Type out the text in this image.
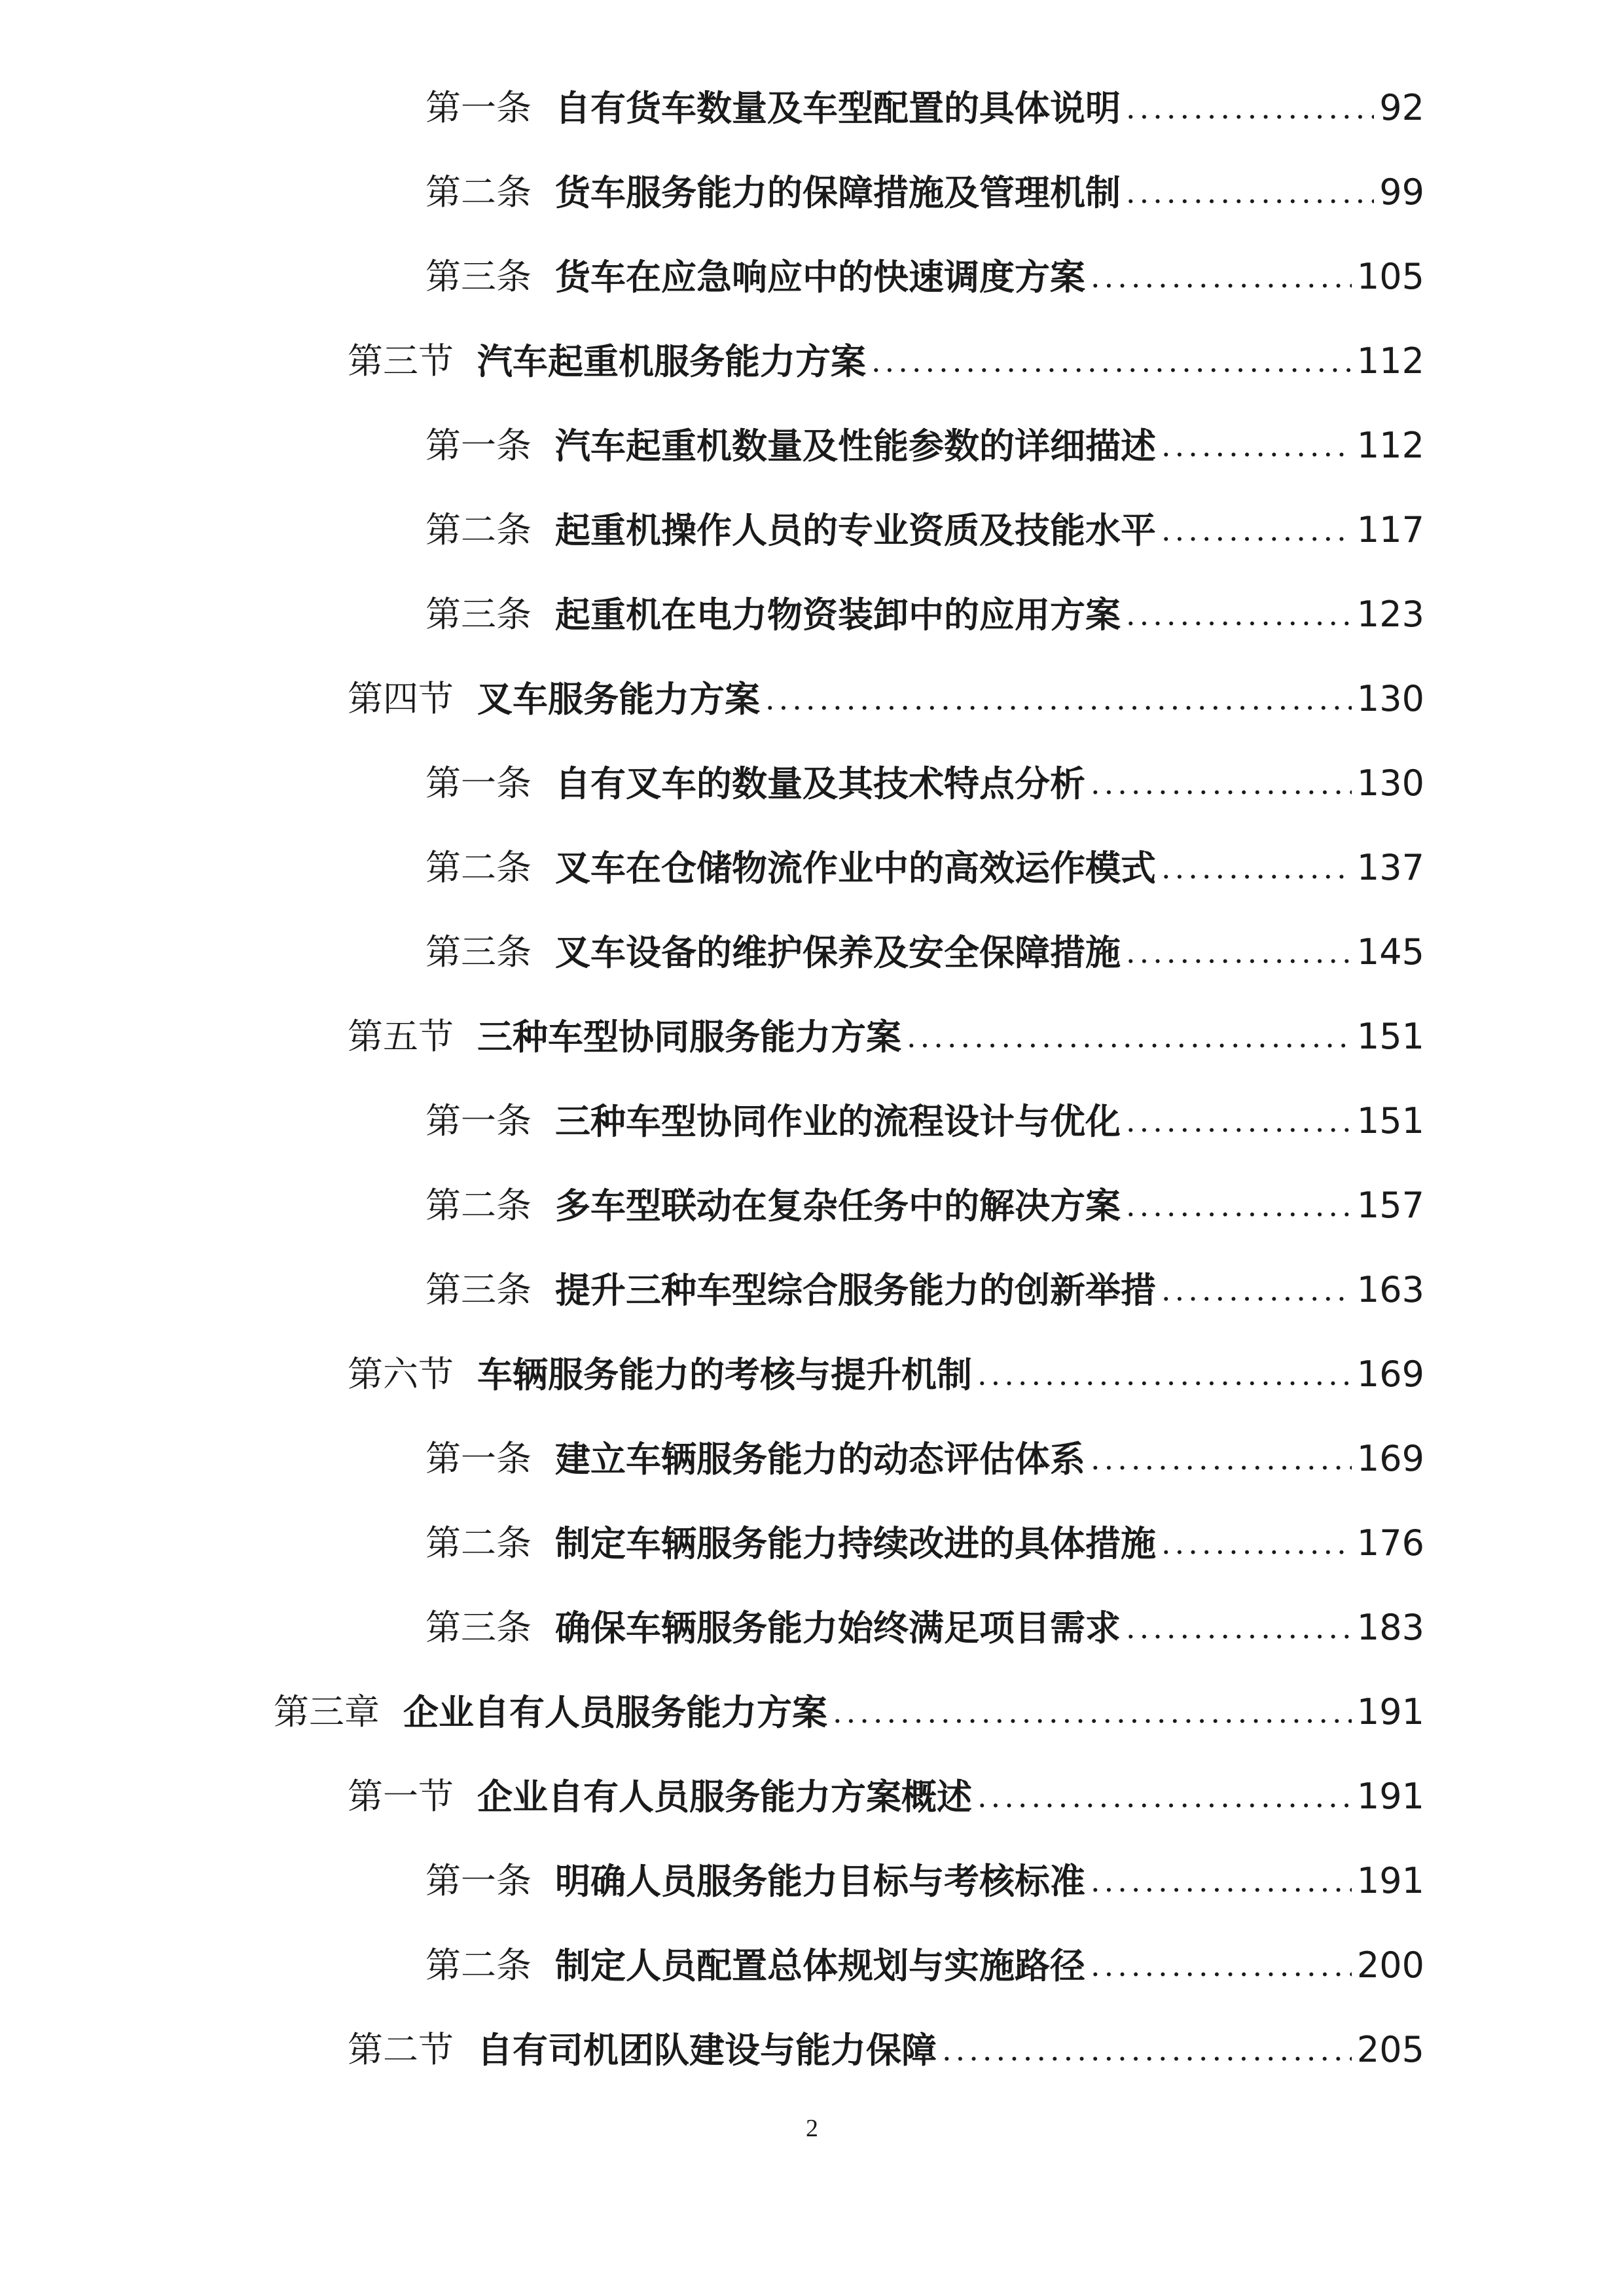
第一条 自有货车数量及车型配置的具体说明 .....	92
第二条 货车服务能力的保障措施及管理机制 .....	99
第三条 货车在应急响应中的快速调度方案 .....	105
第三节 汽车起重机服务能力方案 .....	112
第一条 汽车起重机数量及性能参数的详细描述 .....	112
第二条 起重机操作人员的专业资质及技能水平 .....	117
第三条 起重机在电力物资装卸中的应用方案 .....	123
第四节 叉车服务能力方案 .....	130
第一条 自有叉车的数量及其技术特点分析 .....	130
第二条 叉车在仓储物流作业中的高效运作模式 .....	137
第三条 叉车设备的维护保养及安全保障措施 .....	145
第五节 三种车型协同服务能力方案 .....	151
第一条 三种车型协同作业的流程设计与优化 .....	151
第二条 多车型联动在复杂任务中的解决方案 .....	157
第三条 提升三种车型综合服务能力的创新举措 .....	163
第六节 车辆服务能力的考核与提升机制 .....	169
第一条 建立车辆服务能力的动态评估体系 .....	169
第二条 制定车辆服务能力持续改进的具体措施 .....	176
第三条 确保车辆服务能力始终满足项目需求 .....	183
第三章 企业自有人员服务能力方案 .....	191
第一节 企业自有人员服务能力方案概述 .....	191
第一条 明确人员服务能力目标与考核标准 .....	191
第二条 制定人员配置总体规划与实施路径 .....	200
第二节 自有司机团队建设与能力保障 .....	205
2
